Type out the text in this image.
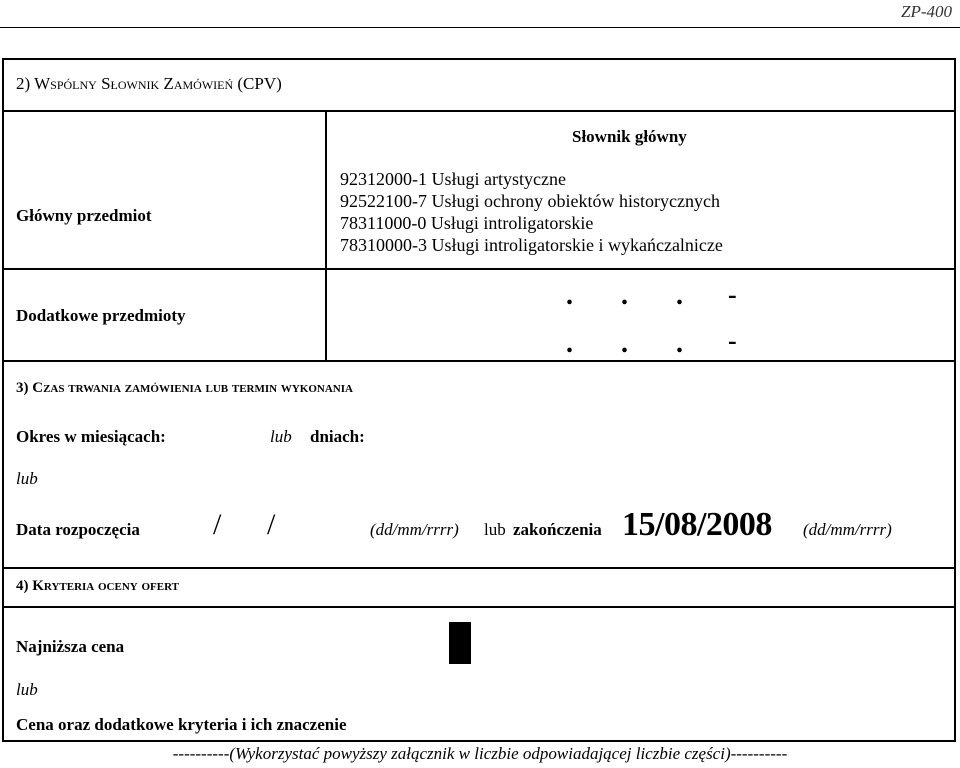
ZP-400
2) Wspólny Słownik Zamówień (CPV)
Słownik główny
Główny przedmiot
92312000-1 Usługi artystyczne
92522100-7 Usługi ochrony obiektów historycznych
78311000-0 Usługi introligatorskie
78310000-3 Usługi introligatorskie i wykańczalnicze
Dodatkowe przedmioty
. . . -
. . . -
3) Czas trwania zamówienia lub termin wykonania
Okres w miesiącach:	lub dniach:
lub
Data rozpoczęcia / /	(dd/mm/rrrr) lub zakończenia 15/08/2008 (dd/mm/rrrr)
4) Kryteria oceny ofert
Najniższa cena
lub
Cena oraz dodatkowe kryteria i ich znaczenie
----------(Wykorzystać powyższy załącznik w liczbie odpowiadającej liczbie części)----------
